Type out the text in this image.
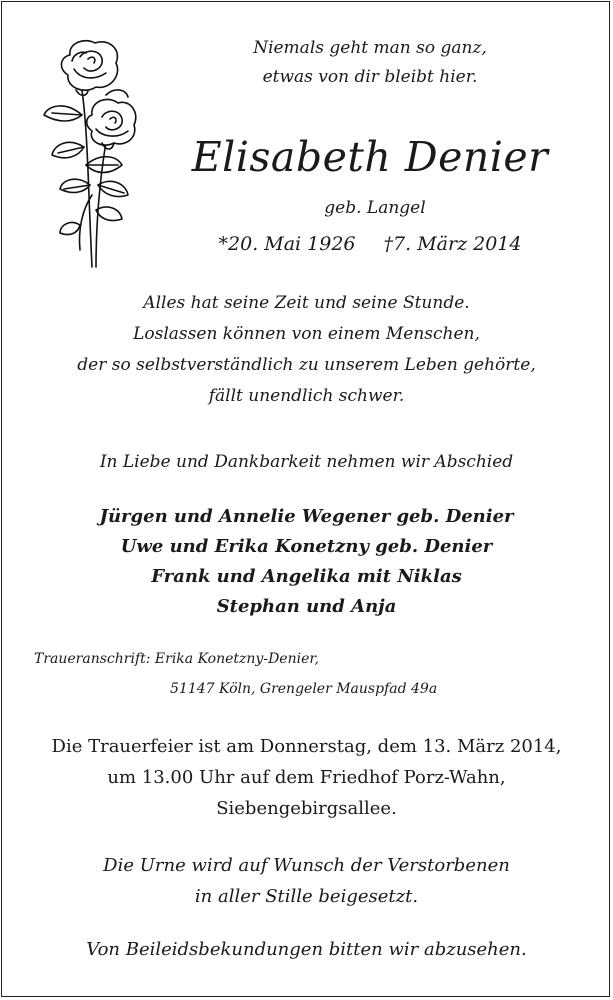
Niemals geht man so ganz,
etwas von dir bleibt hier.
Elisabeth Denier
geb. Langel
*20. Mai 1926 †7. März 2014
Alles hat seine Zeit und seine Stunde.
Loslassen können von einem Menschen,
der so selbstverständlich zu unserem Leben gehörte,
fällt unendlich schwer.
In Liebe und Dankbarkeit nehmen wir Abschied
Jürgen und Annelie Wegener geb. Denier
Uwe und Erika Konetzny geb. Denier
Frank und Angelika mit Niklas
Stephan und Anja
Traueranschrift: Erika Konetzny-Denier,
51147 Köln, Grengeler Mauspfad 49a
Die Trauerfeier ist am Donnerstag, dem 13. März 2014,
um 13.00 Uhr auf dem Friedhof Porz-Wahn,
Siebengebirgsallee.
Die Urne wird auf Wunsch der Verstorbenen
in aller Stille beigesetzt.
Von Beileidsbekundungen bitten wir abzusehen.
